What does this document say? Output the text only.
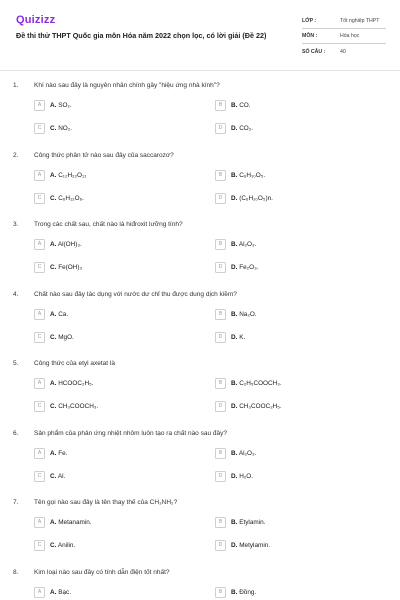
Quizizz
Đề thi thử THPT Quốc gia môn Hóa năm 2022 chọn lọc, có lời giải (Đề 22)
LỚP :	Tốt nghiệp THPT
MÔN :	Hóa học
SỐ CÂU :	40
1. Khí nào sau đây là nguyên nhân chính gây "hiệu ứng nhà kính"?
A	A. SO₂.	B	B. CO.
C	C. NO₂.	D	D. CO₂.
2. Công thức phân tử nào sau đây của saccarozơ?
A	A. C₁₂H₂₂O₁₁	B	B. C₆H₁₀O₅.
C	C. C₆H₁₂O₆.	D	D. (C₆H₁₀O₅)n.
3. Trong các chất sau, chất nào là hiđroxit lưỡng tính?
A	A. Al(OH)₃.	B	B. Al₂O₃.
C	C. Fe(OH)₃	D	D. Fe₂O₃.
4. Chất nào sau đây tác dụng với nước dư chỉ thu được dung dịch kiềm?
A	A. Ca.	B	B. Na₂O.
C	C. MgO.	D	D. K.
5. Công thức của etyl axetat là
A	A. HCOOC₂H₅.	B	B. C₂H₅COOCH₃.
C	C. CH₃COOCH₃.	D	D. CH₃COOC₂H₅.
6. Sản phẩm của phản ứng nhiệt nhôm luôn tạo ra chất nào sau đây?
A	A. Fe.	B	B. Al₂O₃.
C	C. Al.	D	D. H₂O.
7. Tên gọi nào sau đây là tên thay thế của CH₃NH₂?
A	A. Metanamin.	B	B. Etylamin.
C	C. Anilin.	D	D. Metylamin.
8. Kim loại nào sau đây có tính dẫn điện tốt nhất?
A	A. Bạc.	B	B. Đồng.
